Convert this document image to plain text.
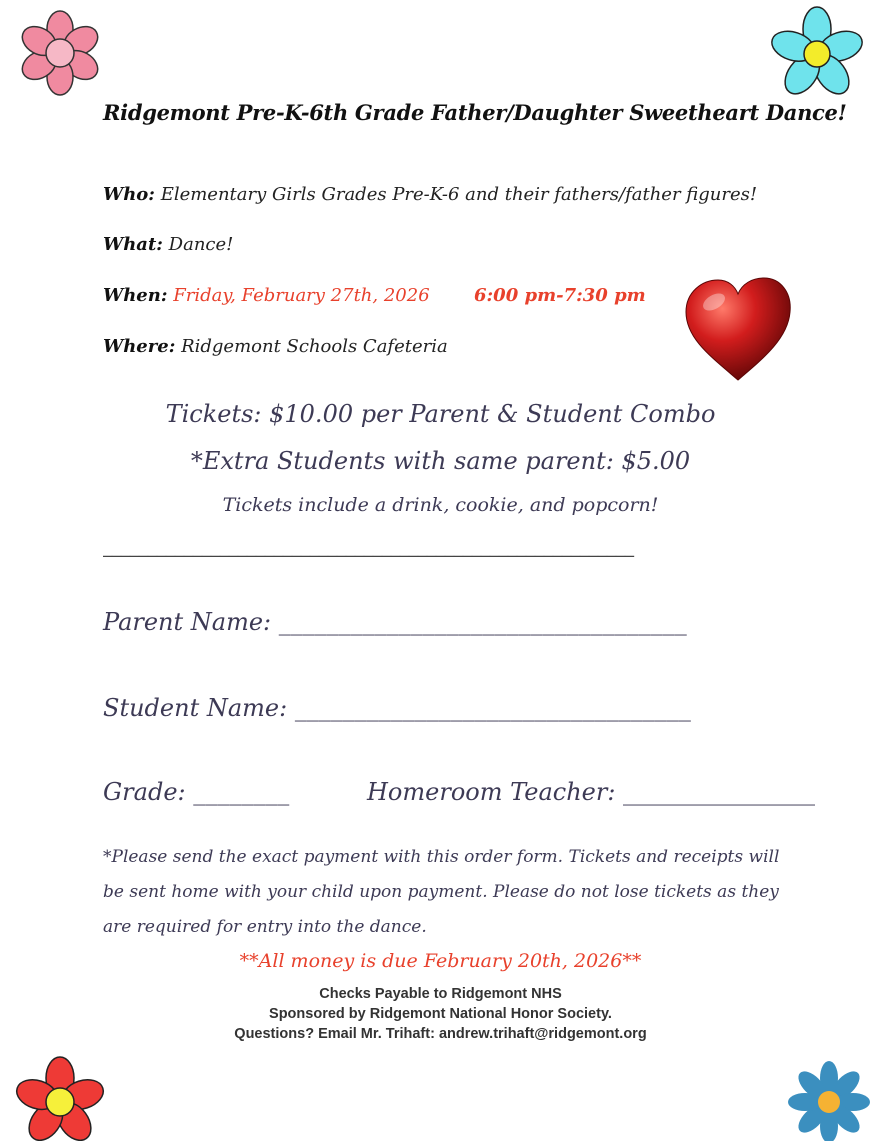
Ridgemont Pre-K-6th Grade Father/Daughter Sweetheart Dance!
Who: Elementary Girls Grades Pre-K-6 and their fathers/father figures!
What: Dance!
When: Friday, February 27th, 2026 6:00 pm-7:30 pm
Where: Ridgemont Schools Cafeteria
Tickets: $10.00 per Parent & Student Combo
*Extra Students with same parent: $5.00
Tickets include a drink, cookie, and popcorn!
___________________________________________________________
Parent Name: __________________________________
Student Name: _________________________________
Grade: ________	Homeroom Teacher: ________________
*Please send the exact payment with this order form. Tickets and receipts will be sent home with your child upon payment. Please do not lose tickets as they are required for entry into the dance.
**All money is due February 20th, 2026**
Checks Payable to Ridgemont NHS
Sponsored by Ridgemont National Honor Society.
Questions? Email Mr. Trihaft: andrew.trihaft@ridgemont.org
